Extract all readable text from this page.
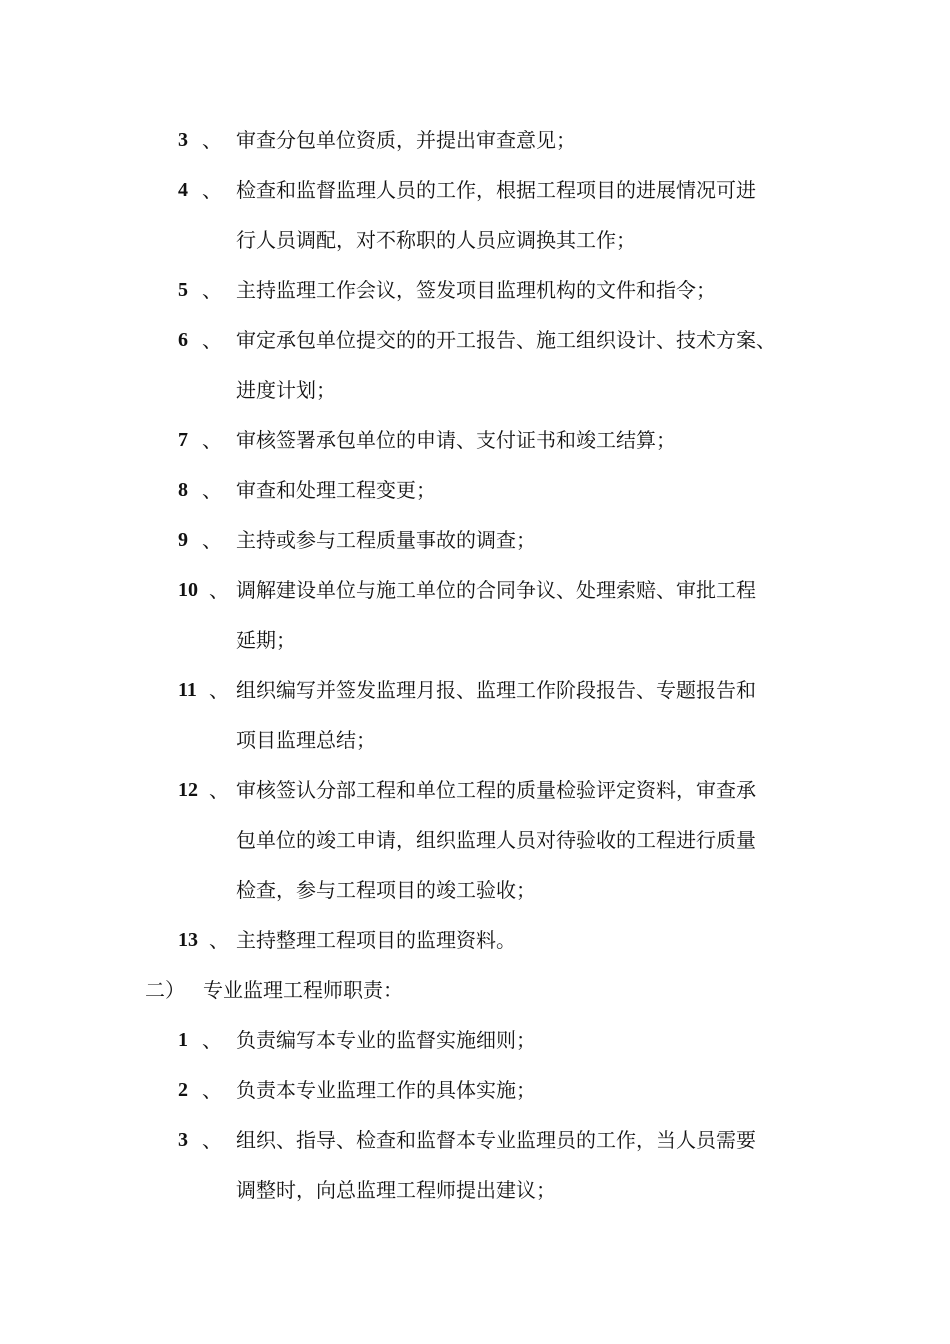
3 、 审查分包单位资质，并提出审查意见；
4 、 检查和监督监理人员的工作，根据工程项目的进展情况可进
行人员调配，对不称职的人员应调换其工作；
5 、 主持监理工作会议，签发项目监理机构的文件和指令；
6 、 审定承包单位提交的的开工报告、施工组织设计、技术方案、
进度计划；
7 、 审核签署承包单位的申请、支付证书和竣工结算；
8 、 审查和处理工程变更；
9 、 主持或参与工程质量事故的调查；
10 、 调解建设单位与施工单位的合同争议、处理索赔、审批工程
延期；
11 、 组织编写并签发监理月报、监理工作阶段报告、专题报告和
项目监理总结；
12 、 审核签认分部工程和单位工程的质量检验评定资料，审查承
包单位的竣工申请，组织监理人员对待验收的工程进行质量
检查，参与工程项目的竣工验收；
13 、 主持整理工程项目的监理资料。
二） 专业监理工程师职责：
1 、 负责编写本专业的监督实施细则；
2 、 负责本专业监理工作的具体实施；
3 、 组织、指导、检查和监督本专业监理员的工作，当人员需要
调整时，向总监理工程师提出建议；
